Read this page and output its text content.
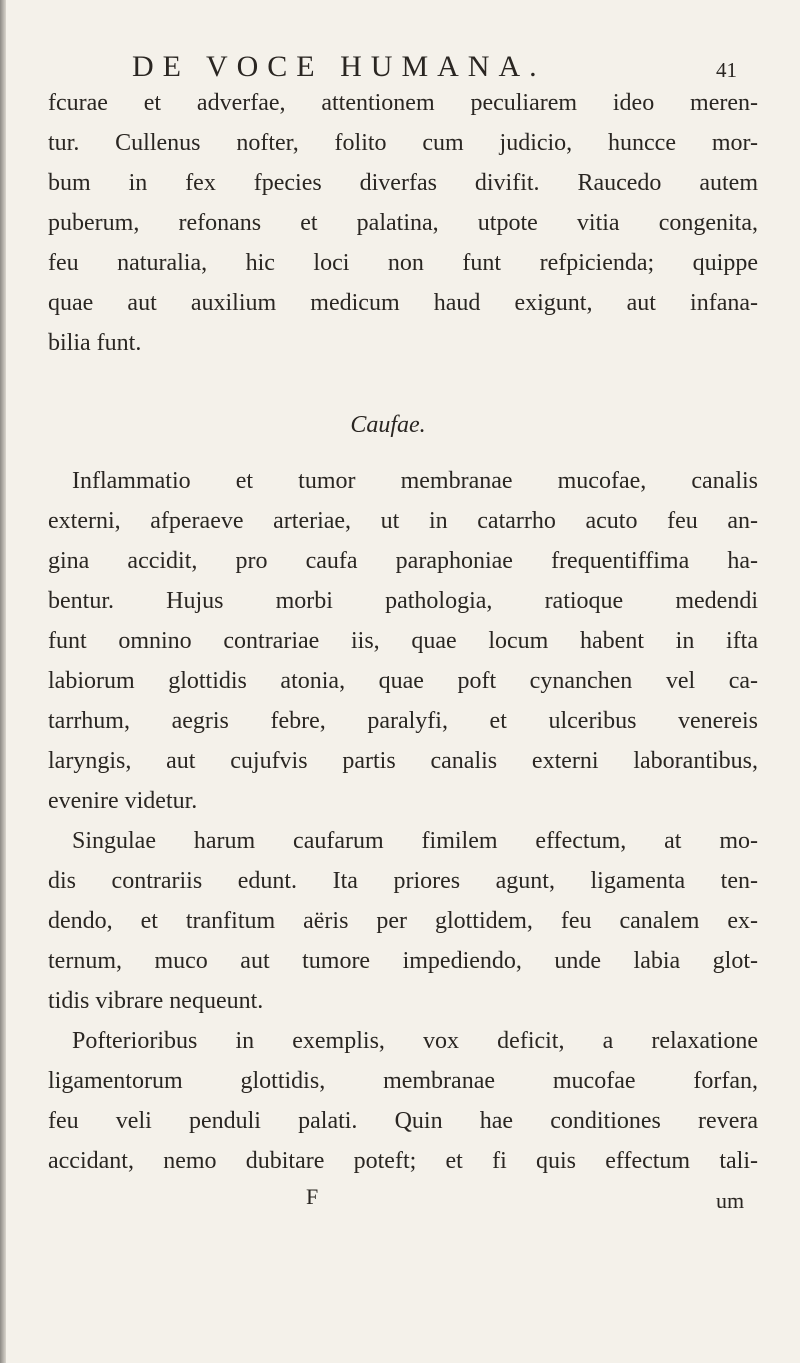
DE VOCE HUMANA.	41
fcurae et adverfae, attentionem peculiarem ideo meren-
tur. Cullenus nofter, folito cum judicio, huncce mor-
bum in fex fpecies diverfas divifit. Raucedo autem
puberum, refonans et palatina, utpote vitia congenita,
feu naturalia, hic loci non funt refpicienda; quippe
quae aut auxilium medicum haud exigunt, aut infana-
bilia funt.
Caufae.
Inflammatio et tumor membranae mucofae, canalis
externi, afperaeve arteriae, ut in catarrho acuto feu an-
gina accidit, pro caufa paraphoniae frequentiffima ha-
bentur. Hujus morbi pathologia, ratioque medendi
funt omnino contrariae iis, quae locum habent in ifta
labiorum glottidis atonia, quae poft cynanchen vel ca-
tarrhum, aegris febre, paralyfi, et ulceribus venereis
laryngis, aut cujufvis partis canalis externi laborantibus,
evenire videtur.
Singulae harum caufarum fimilem effectum, at mo-
dis contrariis edunt. Ita priores agunt, ligamenta ten-
dendo, et tranfitum aëris per glottidem, feu canalem ex-
ternum, muco aut tumore impediendo, unde labia glot-
tidis vibrare nequeunt.
Pofterioribus in exemplis, vox deficit, a relaxatione
ligamentorum glottidis, membranae mucofae forfan,
feu veli penduli palati. Quin hae conditiones revera
accidant, nemo dubitare poteft; et fi quis effectum tali-
F	um
